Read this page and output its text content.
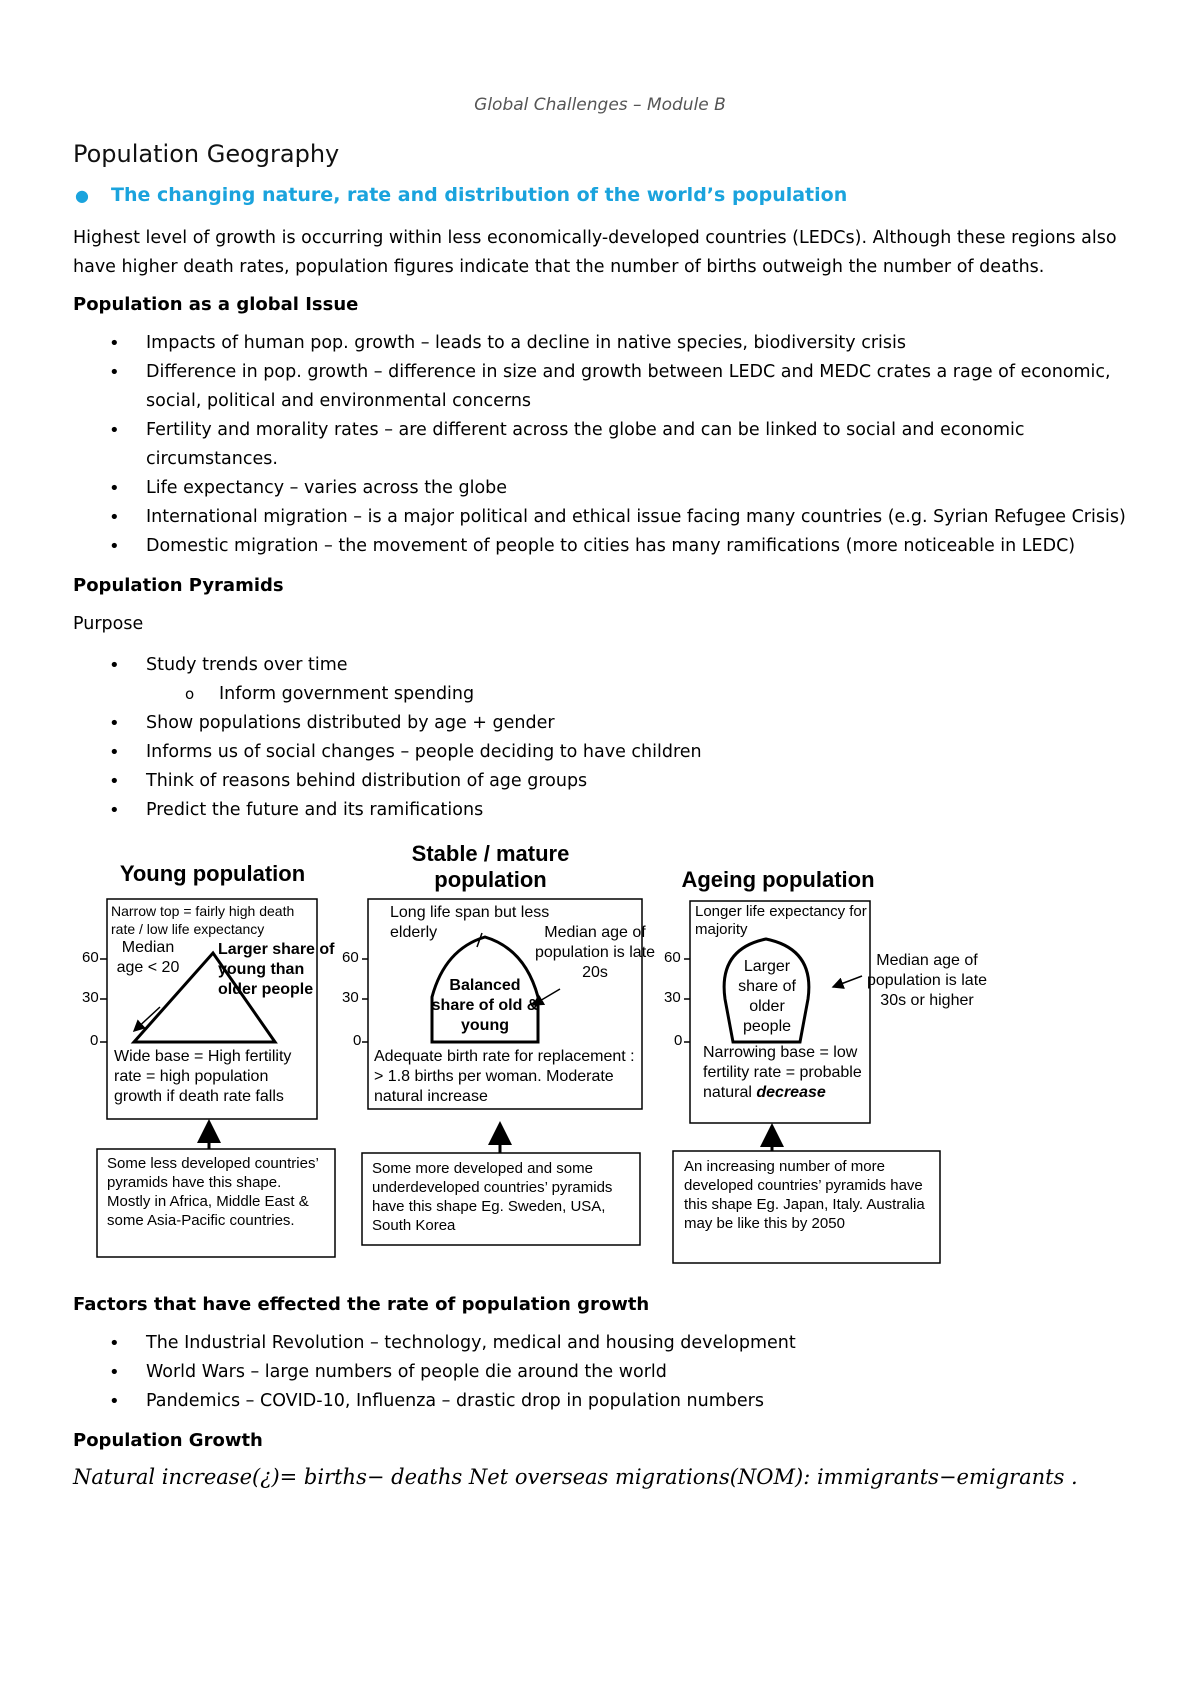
Global Challenges – Module B
Population Geography
●	The changing nature, rate and distribution of the world’s population

Highest level of growth is occurring within less economically-developed countries (LEDCs). Although these regions also have higher death rates, population figures indicate that the number of births outweigh the number of deaths.

Population as a global Issue
• Impacts of human pop. growth – leads to a decline in native species, biodiversity crisis
• Difference in pop. growth – difference in size and growth between LEDC and MEDC crates a rage of economic, social, political and environmental concerns
• Fertility and morality rates – are different across the globe and can be linked to social and economic circumstances.
• Life expectancy – varies across the globe
• International migration – is a major political and ethical issue facing many countries (e.g. Syrian Refugee Crisis)
• Domestic migration – the movement of people to cities has many ramifications (more noticeable in LEDC)
Population Pyramids

Purpose

• Study trends over time
o Inform government spending
• Show populations distributed by age + gender
• Informs us of social changes – people deciding to have children
• Think of reasons behind distribution of age groups
• Predict the future and its ramifications
Young population
Narrow top = fairly high death rate / low life expectancy
60
30
0
Median age < 20
Larger share of young than older people
Wide base = High fertility rate = high population growth if death rate falls
Some less developed countries’ pyramids have this shape. Mostly in Africa, Middle East & some Asia-Pacific countries.
Stable / mature population
Long life span but less elderly
60
30
0
Median age of population is late 20s
Balanced share of old & young
Adequate birth rate for replacement : > 1.8 births per woman. Moderate natural increase
Some more developed and some underdeveloped countries’ pyramids have this shape Eg. Sweden, USA, South Korea
Ageing population
Longer life expectancy for majority
60
30
0
Larger share of older people
Median age of population is late 30s or higher
Narrowing base = low fertility rate = probable natural decrease
An increasing number of more developed countries’ pyramids have this shape Eg. Japan, Italy. Australia may be like this by 2050
Factors that have effected the rate of population growth
• The Industrial Revolution – technology, medical and housing development
• World Wars – large numbers of people die around the world
• Pandemics – COVID-10, Influenza – drastic drop in population numbers
Population Growth
Natural increase(¿)= births− deaths Net overseas migrations(NOM): immigrants−emigrants .
